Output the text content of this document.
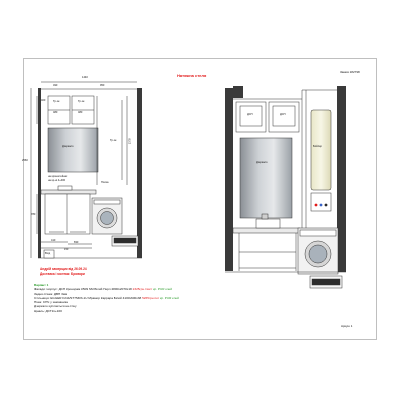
Натяжна стеля
Замов 182798
1440
490	950
2560
1378
400
480	480
780
410
830
150
Тр-зн	Тр-зн
Дзеркало
Тр-зн
Полка
на кронштейнах
на кр-ні 4+400
Вхід
ДСП	ДСП
Дзеркало
Бойлер
Андрій замерщик від 26.09.24
Доставка і монтаж: Бровари
Варіант 1
Фасади і корпус: ДСП Кронорам К509 SM Білий Перл 2800х2070х18 2325грн./лист кр. PUR клей
Задня стінка: ДВП 3мм
Стільниця: EGGER F244/ST75/R3-1U Мрамор Каррара Білий 4100х600х38 5265грн./шт кр. PUR клей
Ніша: СПЧ у замовника
Дзеркало купляється на стіну
Ціналь: ДСТ11+100
Аркуш 1
